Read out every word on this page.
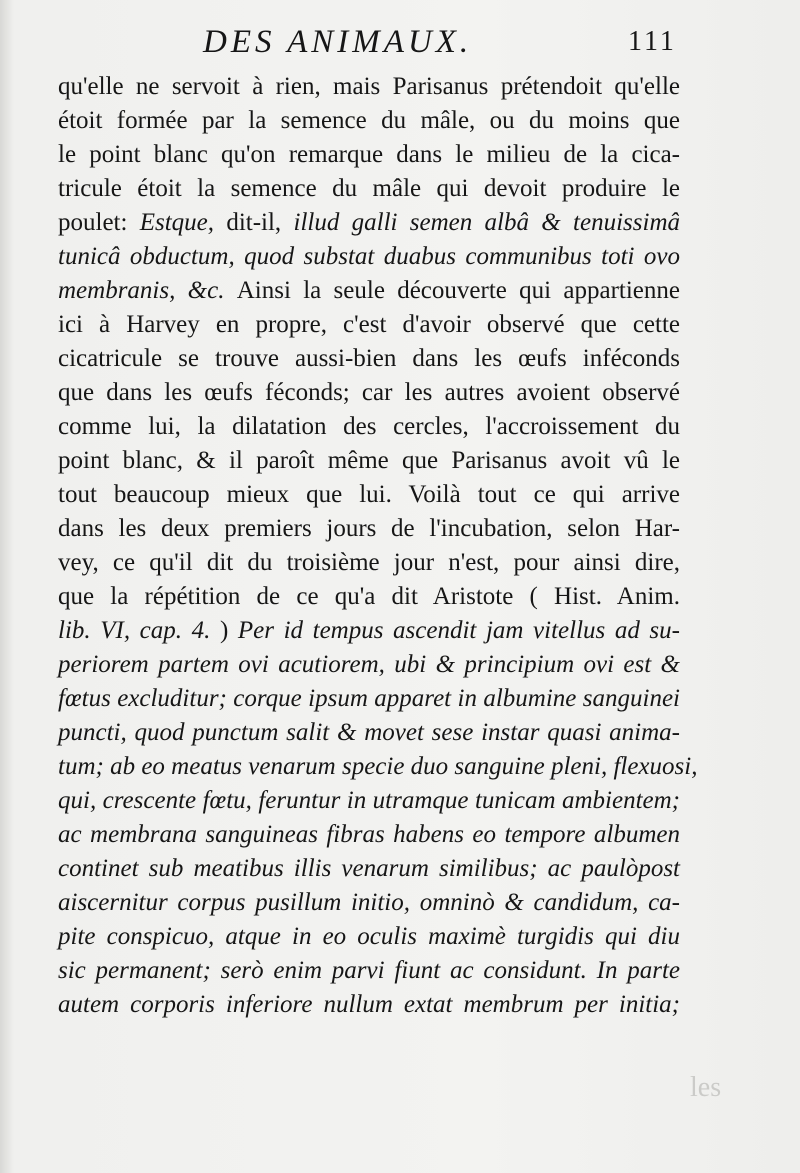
DES ANIMAUX.	111
qu'elle ne servoit à rien, mais Parisanus prétendoit qu'elle
étoit formée par la semence du mâle, ou du moins que
le point blanc qu'on remarque dans le milieu de la cica-
tricule étoit la semence du mâle qui devoit produire le
poulet: Estque, dit-il, illud galli semen albâ & tenuissimâ
tunicâ obductum, quod substat duabus communibus toti ovo
membranis, &c. Ainsi la seule découverte qui appartienne
ici à Harvey en propre, c'est d'avoir observé que cette
cicatricule se trouve aussi-bien dans les œufs inféconds
que dans les œufs féconds; car les autres avoient observé
comme lui, la dilatation des cercles, l'accroissement du
point blanc, & il paroît même que Parisanus avoit vû le
tout beaucoup mieux que lui. Voilà tout ce qui arrive
dans les deux premiers jours de l'incubation, selon Har-
vey, ce qu'il dit du troisième jour n'est, pour ainsi dire,
que la répétition de ce qu'a dit Aristote ( Hist. Anim.
lib. VI, cap. 4. ) Per id tempus ascendit jam vitellus ad su-
periorem partem ovi acutiorem, ubi & principium ovi est &
fœtus excluditur; corque ipsum apparet in albumine sanguinei
puncti, quod punctum salit & movet sese instar quasi anima-
tum; ab eo meatus venarum specie duo sanguine pleni, flexuosi,
qui, crescente fœtu, feruntur in utramque tunicam ambientem;
ac membrana sanguineas fibras habens eo tempore albumen
continet sub meatibus illis venarum similibus; ac paulòpost
aiscernitur corpus pusillum initio, omninò & candidum, ca-
pite conspicuo, atque in eo oculis maximè turgidis qui diu
sic permanent; serò enim parvi fiunt ac considunt. In parte
autem corporis inferiore nullum extat membrum per initia;
les
